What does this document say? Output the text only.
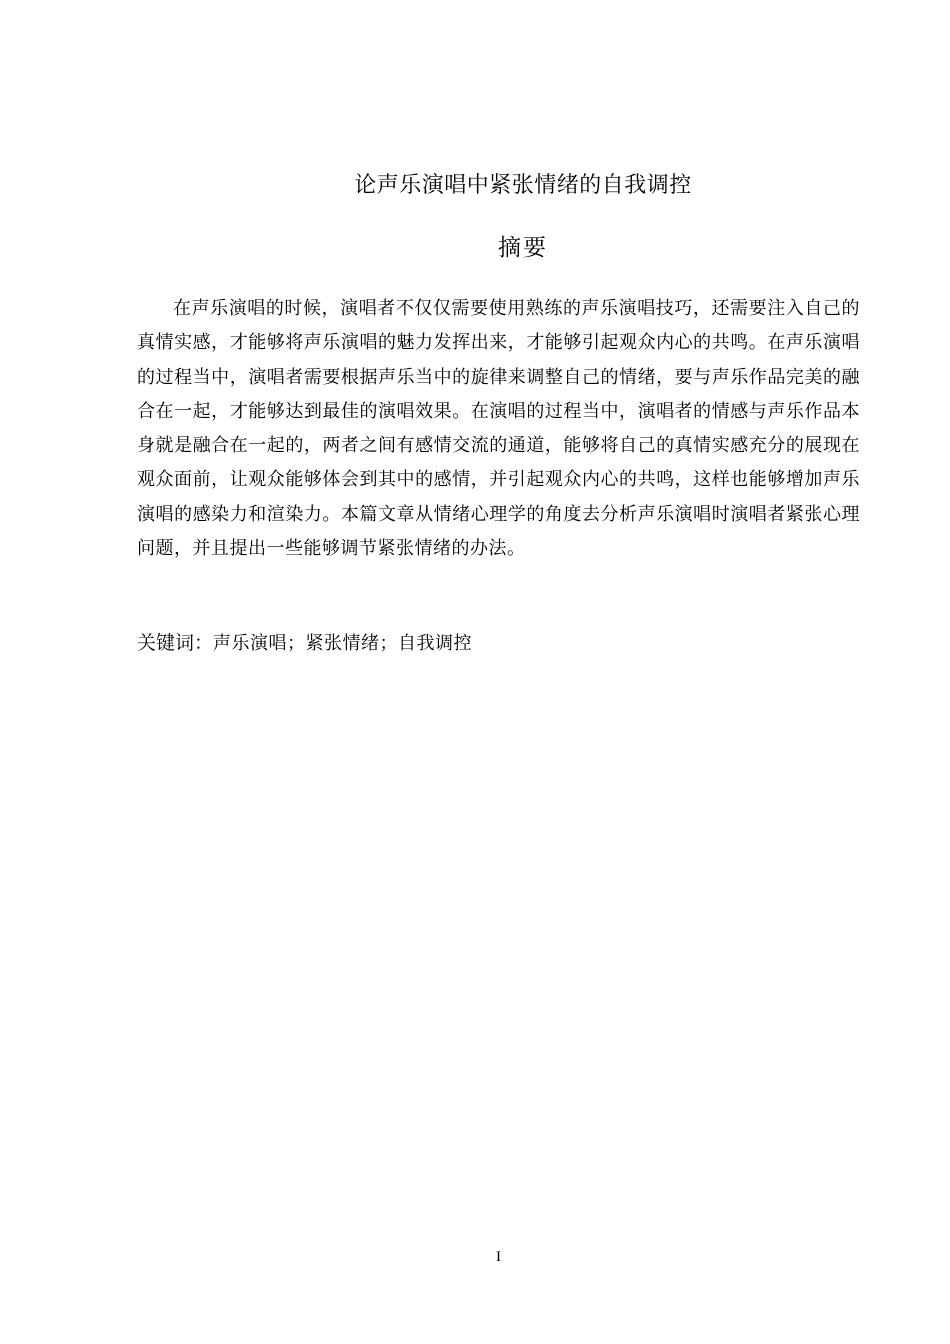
论声乐演唱中紧张情绪的自我调控
摘要

在声乐演唱的时候，演唱者不仅仅需要使用熟练的声乐演唱技巧，还需要注入自己的真情实感，才能够将声乐演唱的魅力发挥出来，才能够引起观众内心的共鸣。在声乐演唱的过程当中，演唱者需要根据声乐当中的旋律来调整自己的情绪，要与声乐作品完美的融合在一起，才能够达到最佳的演唱效果。在演唱的过程当中，演唱者的情感与声乐作品本身就是融合在一起的，两者之间有感情交流的通道，能够将自己的真情实感充分的展现在观众面前，让观众能够体会到其中的感情，并引起观众内心的共鸣，这样也能够增加声乐演唱的感染力和渲染力。本篇文章从情绪心理学的角度去分析声乐演唱时演唱者紧张心理问题，并且提出一些能够调节紧张情绪的办法。

关键词：声乐演唱；紧张情绪；自我调控
I
